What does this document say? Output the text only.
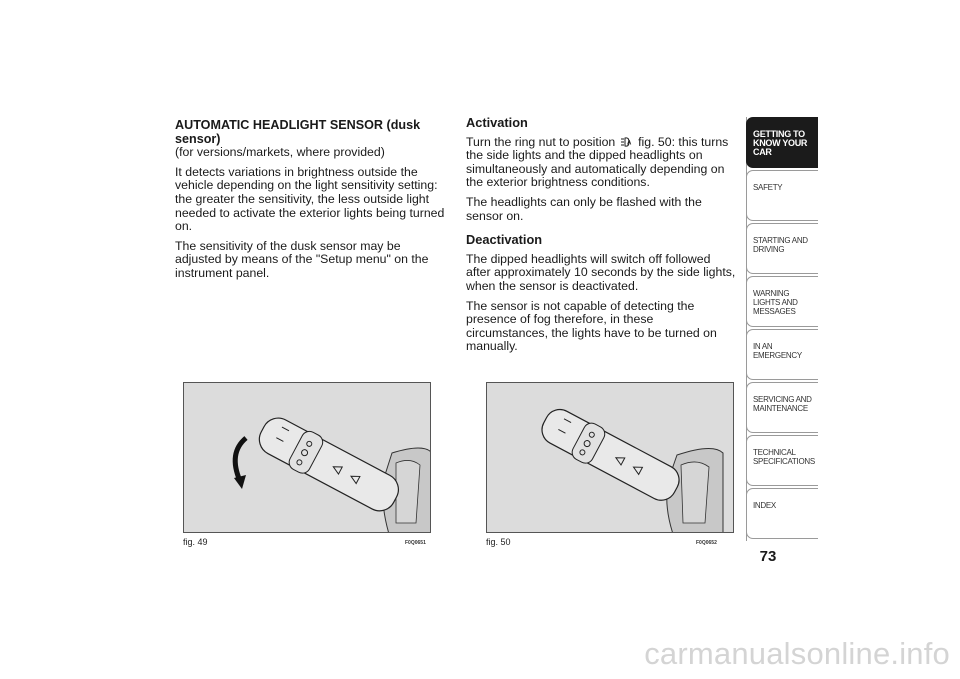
AUTOMATIC HEADLIGHT SENSOR (dusk sensor)

(for versions/markets, where provided)

It detects variations in brightness outside the vehicle depending on the light sensitivity setting: the greater the sensitivity, the less outside light needed to activate the exterior lights being turned on.

The sensitivity of the dusk sensor may be adjusted by means of the "Setup menu" on the instrument panel.

Activation

Turn the ring nut to position A fig. 50: this turns the side lights and the dipped headlights on simultaneously and automatically depending on the exterior brightness conditions.

The headlights can only be flashed with the sensor on.

Deactivation

The dipped headlights will switch off followed after approximately 10 seconds by the side lights, when the sensor is deactivated.

The sensor is not capable of detecting the presence of fog therefore, in these circumstances, the lights have to be turned on manually.

fig. 49	F0Q0651	fig. 50	F0Q0652
GETTING TO KNOW YOUR CAR
SAFETY
STARTING AND DRIVING
WARNING LIGHTS AND MESSAGES
IN AN EMERGENCY
SERVICING AND MAINTENANCE
TECHNICAL SPECIFICATIONS
INDEX
73
carmanualsonline.info
